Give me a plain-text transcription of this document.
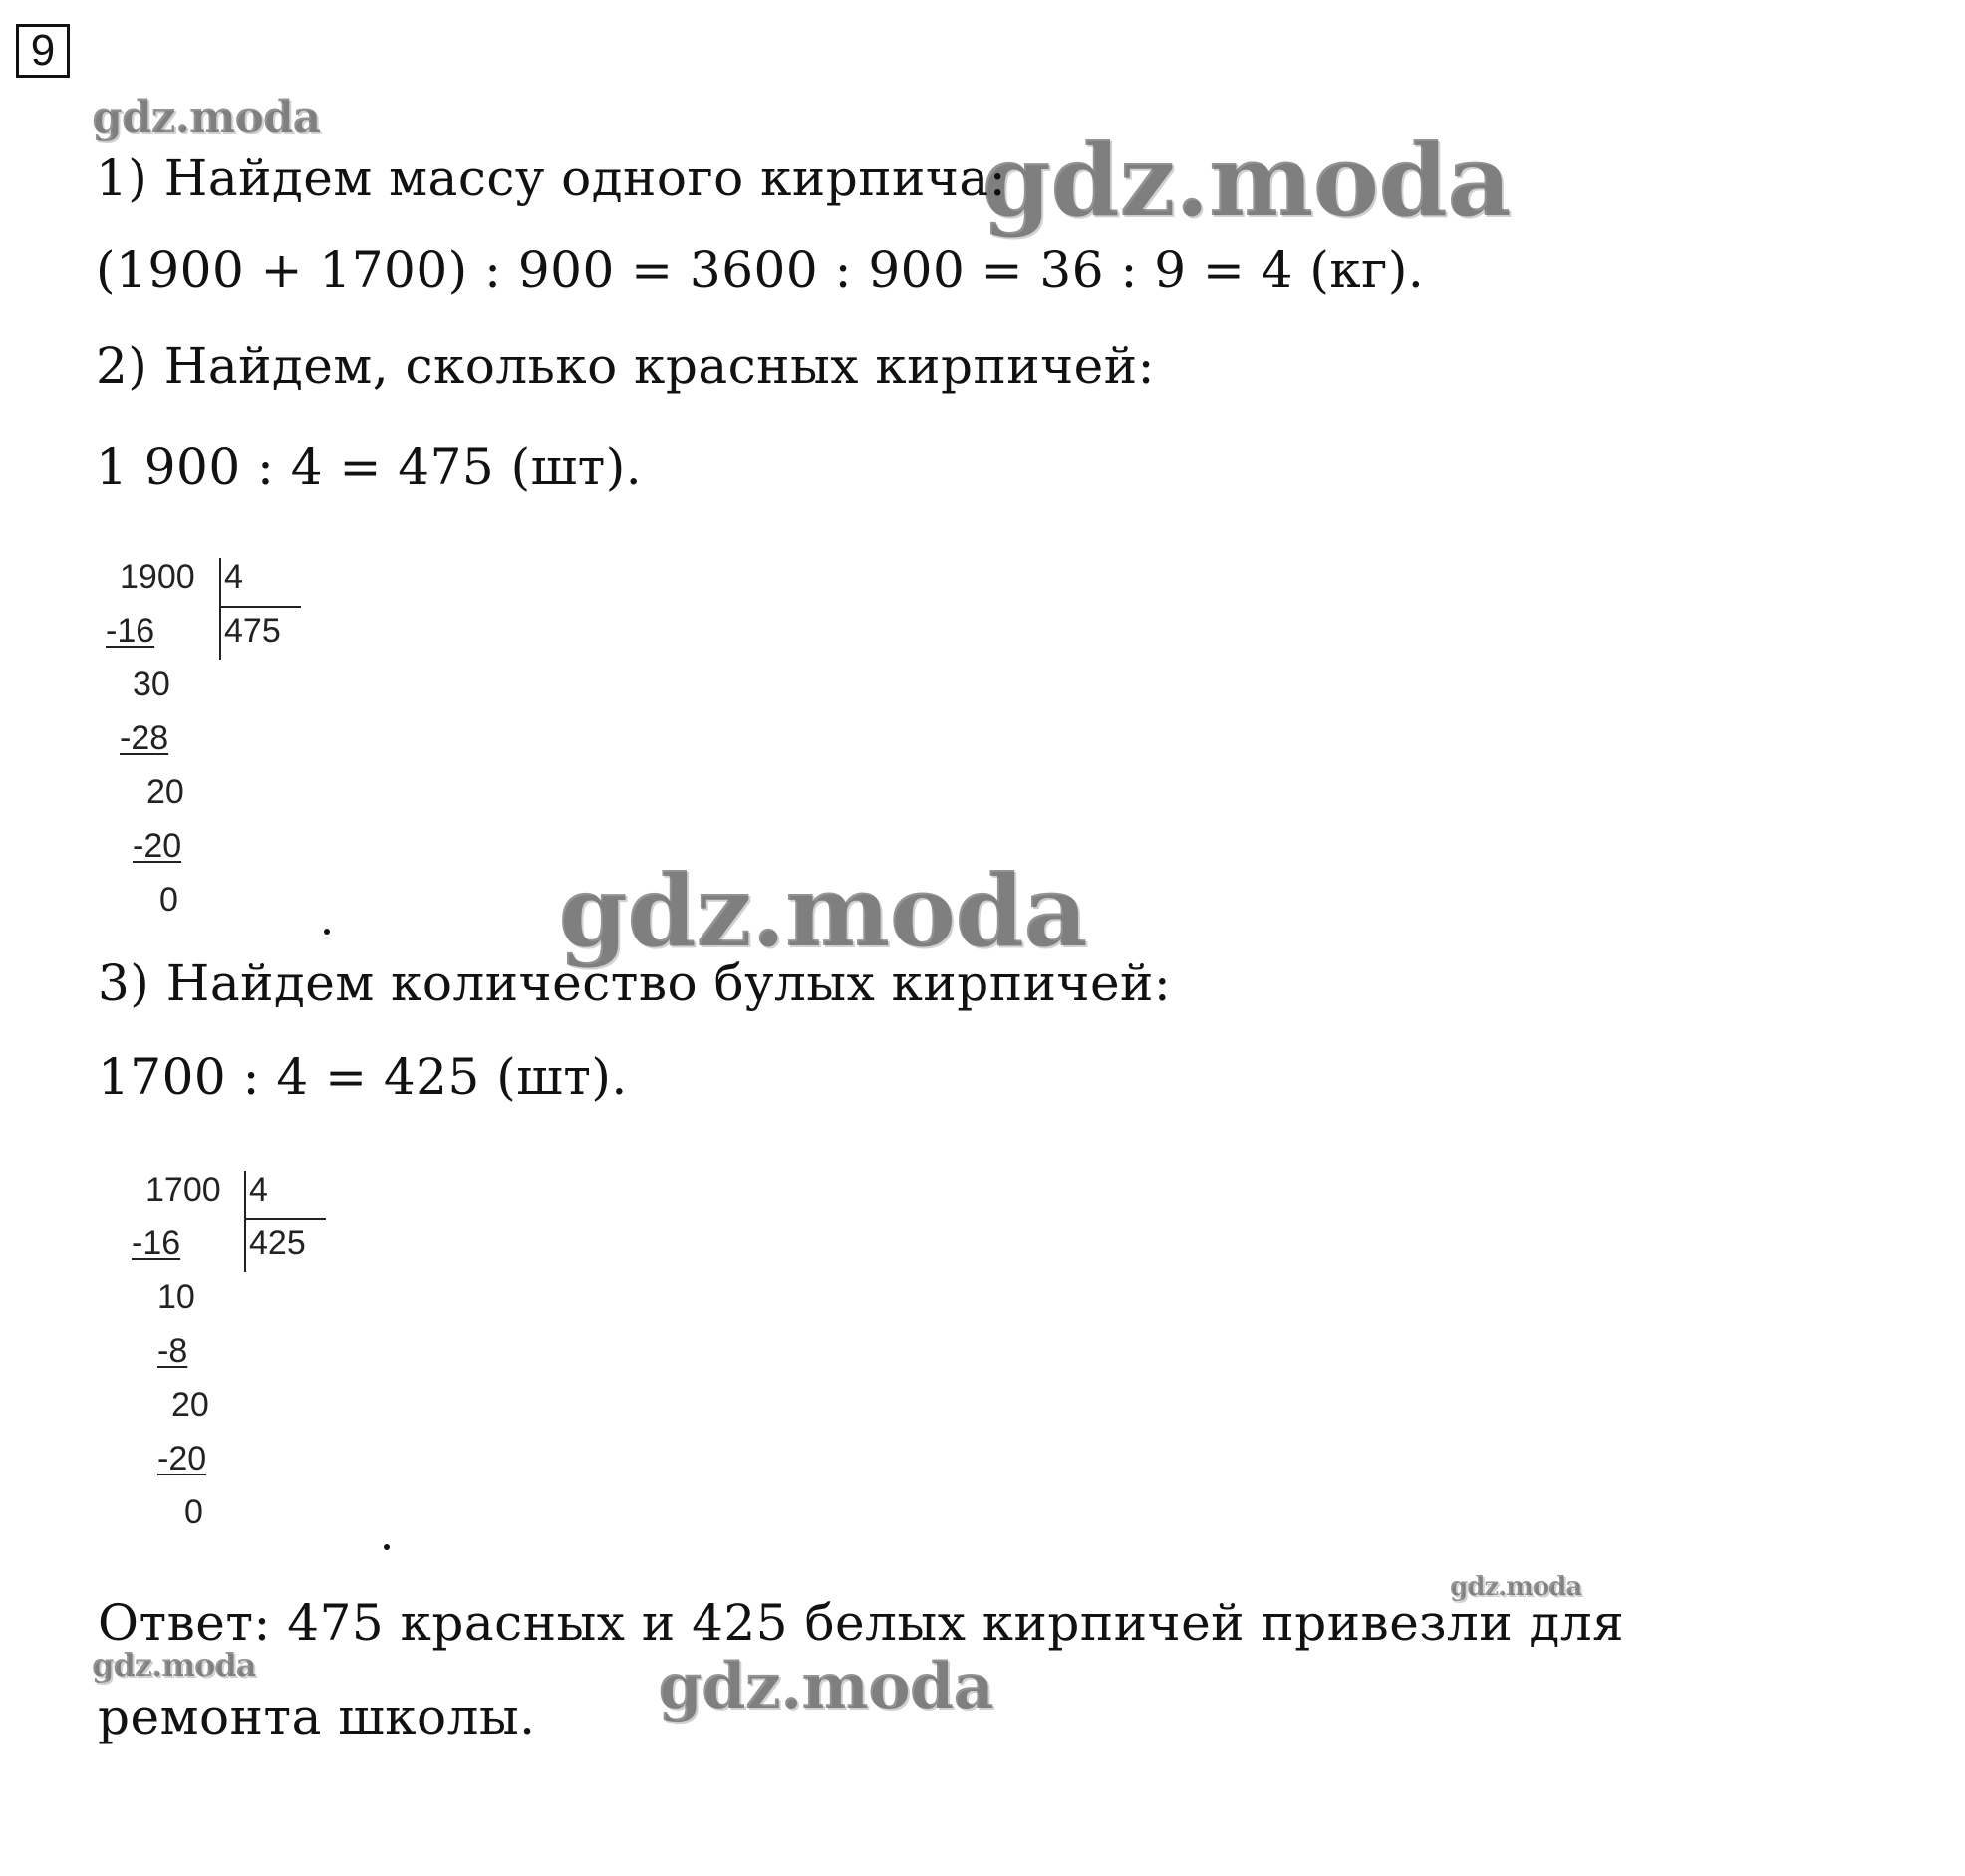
9
gdz.moda
gdz.moda
gdz.moda
gdz.moda
gdz.moda	gdz.moda
1) Найдем массу одного кирпича:
(1900 + 1700) : 900 = 3600 : 900 = 36 : 9 = 4 (кг).
2) Найдем, сколько красных кирпичей:
1 900 : 4 = 475 (шт).
1900 4
475
-16
30
-28
20
-20
0
3) Найдем количество булых кирпичей:
1700 : 4 = 425 (шт).
1700 4
425
-16
10
-8
20
-20
0
Ответ: 475 красных и 425 белых кирпичей привезли для
ремонта школы.
